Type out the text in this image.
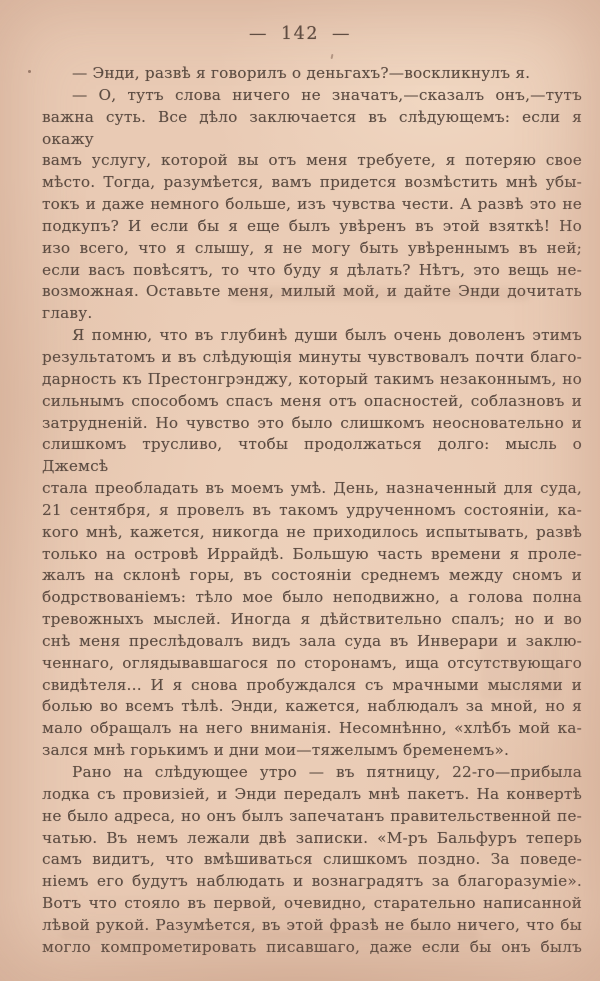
— 142 —
— Энди, развѣ я говорилъ о деньгахъ?—воскликнулъ я.
— О, тутъ слова ничего не значатъ,—сказалъ онъ,—тутъ
важна суть. Все дѣло заключается въ слѣдующемъ: если я окажу
вамъ услугу, которой вы отъ меня требуете, я потеряю свое
мѣсто. Тогда, разумѣется, вамъ придется возмѣстить мнѣ убы-
токъ и даже немного больше, изъ чувства чести. А развѣ это не
подкупъ? И если бы я еще былъ увѣренъ въ этой взяткѣ! Но
изо всего, что я слышу, я не могу быть увѣреннымъ въ ней;
если васъ повѣсятъ, то что буду я дѣлать? Нѣтъ, это вещь не-
возможная. Оставьте меня, милый мой, и дайте Энди дочитать
главу.
Я помню, что въ глубинѣ души былъ очень доволенъ этимъ
результатомъ и въ слѣдующія минуты чувствовалъ почти благо-
дарность къ Престонгрэнджу, который такимъ незаконнымъ, но
сильнымъ способомъ спасъ меня отъ опасностей, соблазновъ и
затрудненій. Но чувство это было слишкомъ неосновательно и
слишкомъ трусливо, чтобы продолжаться долго: мысль о Джемсѣ
стала преобладать въ моемъ умѣ. День, назначенный для суда,
21 сентября, я провелъ въ такомъ удрученномъ состояніи, ка-
кого мнѣ, кажется, никогда не приходилось испытывать, развѣ
только на островѣ Иррайдѣ. Большую часть времени я проле-
жалъ на склонѣ горы, въ состояніи среднемъ между сномъ и
бодрствованіемъ: тѣло мое было неподвижно, а голова полна
тревожныхъ мыслей. Иногда я дѣйствительно спалъ; но и во
снѣ меня преслѣдовалъ видъ зала суда въ Инверари и заклю-
ченнаго, оглядывавшагося по сторонамъ, ища отсутствующаго
свидѣтеля... И я снова пробуждался съ мрачными мыслями и
болью во всемъ тѣлѣ. Энди, кажется, наблюдалъ за мной, но я
мало обращалъ на него вниманія. Несомнѣнно, «хлѣбъ мой ка-
зался мнѣ горькимъ и дни мои—тяжелымъ бременемъ».
Рано на слѣдующее утро — въ пятницу, 22-го—прибыла
лодка съ провизіей, и Энди передалъ мнѣ пакетъ. На конвертѣ
не было адреса, но онъ былъ запечатанъ правительственной пе-
чатью. Въ немъ лежали двѣ записки. «М-ръ Бальфуръ теперь
самъ видитъ, что вмѣшиваться слишкомъ поздно. За поведе-
ніемъ его будутъ наблюдать и вознаградятъ за благоразуміе».
Вотъ что стояло въ первой, очевидно, старательно написанной
лѣвой рукой. Разумѣется, въ этой фразѣ не было ничего, что бы
могло компрометировать писавшаго, даже если бы онъ былъ
